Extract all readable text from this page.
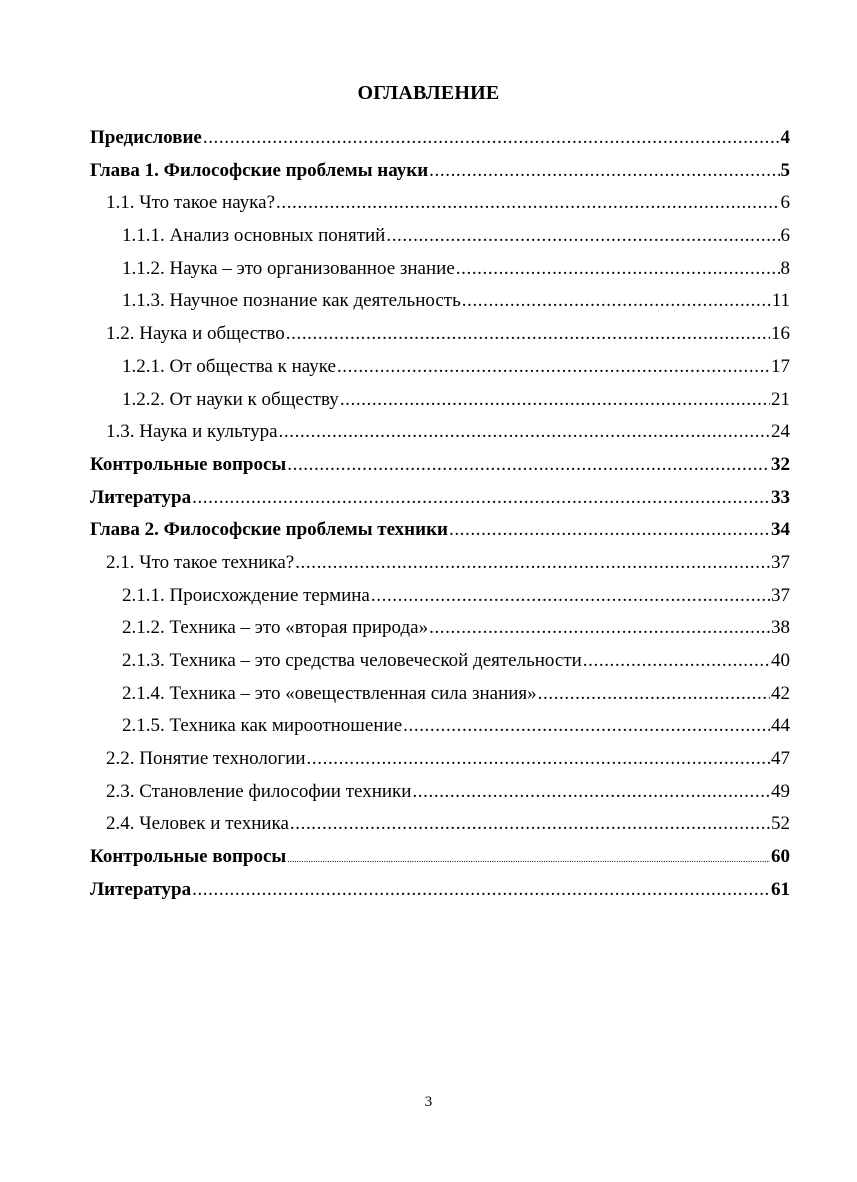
ОГЛАВЛЕНИЕ
Предисловие .....	4
Глава 1. Философские проблемы науки .....	5
1.1. Что такое наука? .....	6
1.1.1. Анализ основных понятий .....	6
1.1.2. Наука – это организованное знание .....	8
1.1.3. Научное познание как деятельность .....	11
1.2. Наука и общество .....	16
1.2.1. От общества к науке .....	17
1.2.2. От науки к обществу .....	21
1.3. Наука и культура .....	24
Контрольные вопросы .....	32
Литература .....	33
Глава 2. Философские проблемы техники .....	34
2.1. Что такое техника? .....	37
2.1.1. Происхождение термина .....	37
2.1.2. Техника – это «вторая природа» .....	38
2.1.3. Техника – это средства человеческой деятельности .....	40
2.1.4. Техника – это «овеществленная сила знания» .....	42
2.1.5. Техника как мироотношение .....	44
2.2. Понятие технологии .....	47
2.3. Становление философии техники .....	49
2.4. Человек и техника .....	52
Контрольные вопросы .....	60
Литература .....	61
3
